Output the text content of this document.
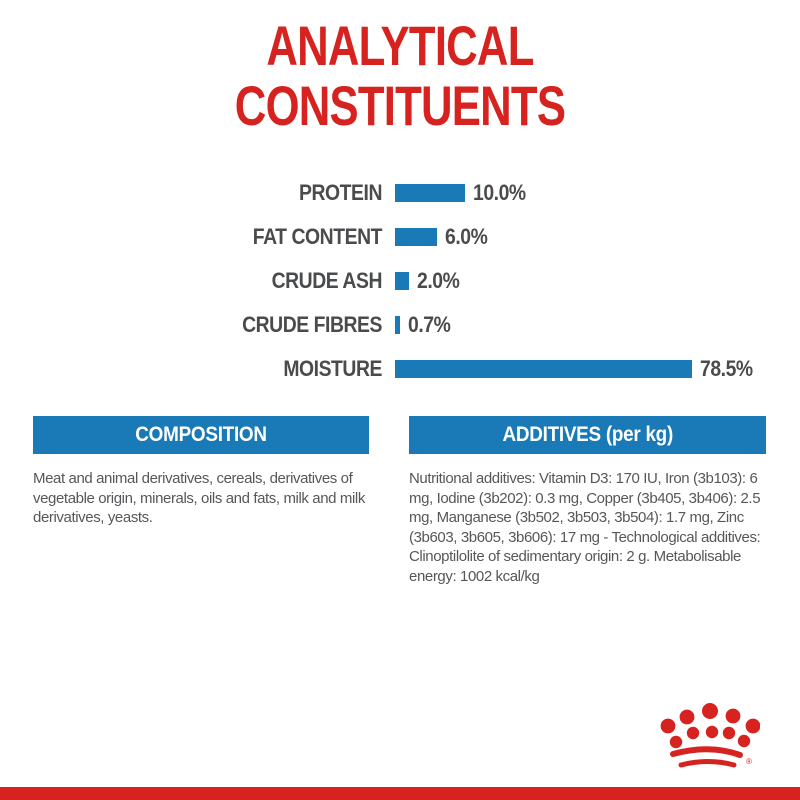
ANALYTICAL
CONSTITUENTS
PROTEIN	10.0%
FAT CONTENT	6.0%
CRUDE ASH 2.0%
CRUDE FIBRES 0.7%
MOISTURE	78.5%
COMPOSITION
Meat and animal derivatives, cereals, derivatives of vegetable origin, minerals, oils and fats, milk and milk derivatives, yeasts.
ADDITIVES (per kg)
Nutritional additives: Vitamin D3: 170 IU, Iron (3b103): 6 mg, Iodine (3b202): 0.3 mg, Copper (3b405, 3b406): 2.5 mg, Manganese (3b502, 3b503, 3b504): 1.7 mg, Zinc (3b603, 3b605, 3b606): 17 mg - Technological additives: Clinoptilolite of sedimentary origin: 2 g. Metabolisable energy: 1002 kcal/kg
®
